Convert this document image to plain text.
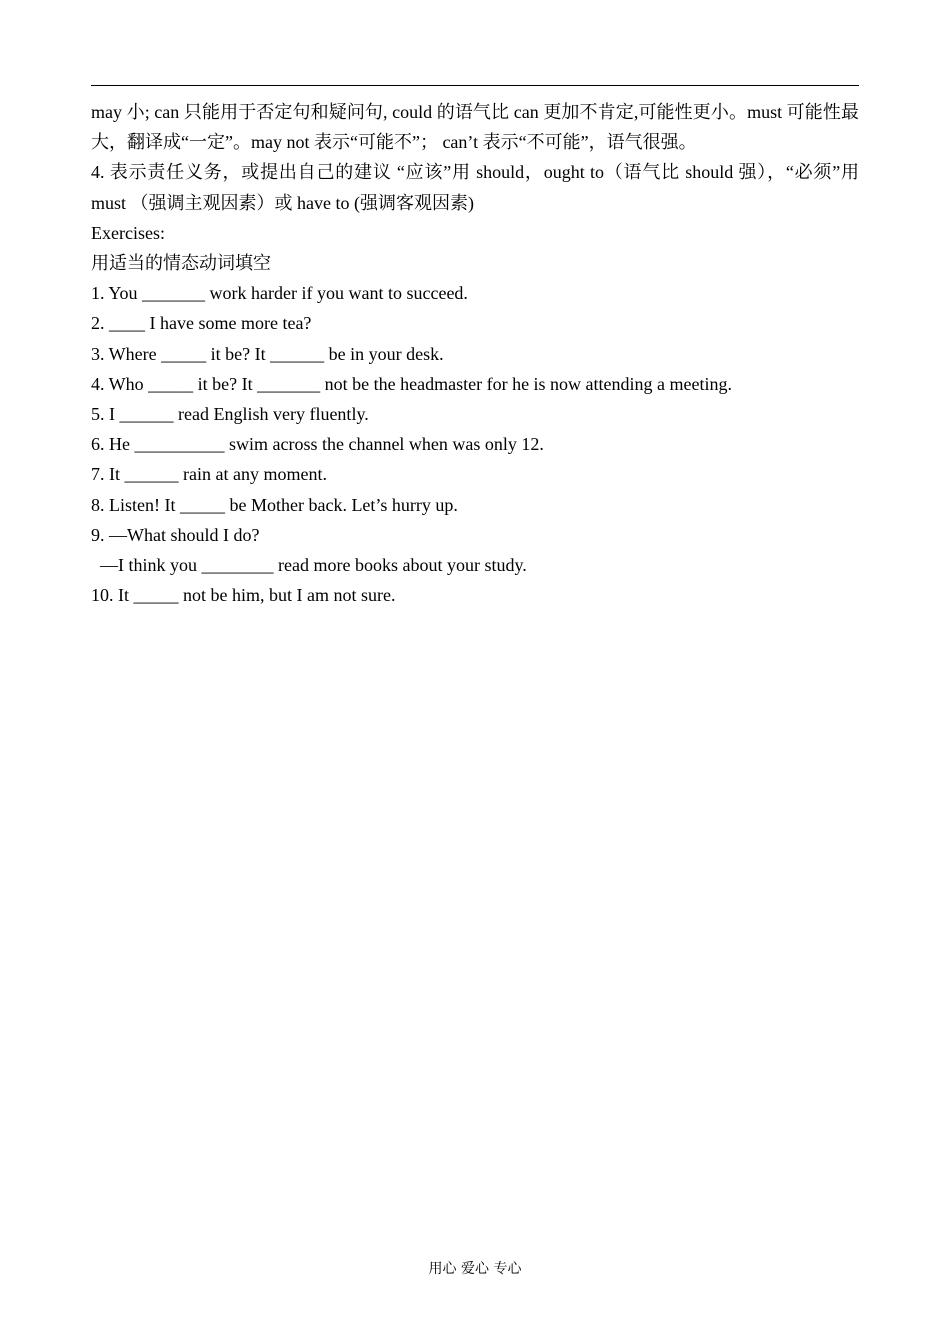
may 小; can 只能用于否定句和疑问句, could 的语气比 can 更加不肯定,可能性更小。must 可能性最大，翻译成“一定”。may not 表示“可能不”； can’t 表示“不可能”，语气很强。

4. 表示责任义务，或提出自己的建议 “应该”用 should，ought to（语气比 should 强），“必须”用 must （强调主观因素）或 have to (强调客观因素)

Exercises:

用适当的情态动词填空

1. You _______ work harder if you want to succeed.

2. ____ I have some more tea?

3. Where _____ it be? It ______ be in your desk.

4. Who _____ it be? It _______ not be the headmaster for he is now attending a meeting.

5. I ______ read English very fluently.

6. He __________ swim across the channel when was only 12.

7. It ______ rain at any moment.

8. Listen! It _____ be Mother back. Let’s hurry up.

9. —What should I do?

—I think you ________ read more books about your study.

10. It _____ not be him, but I am not sure.

用心 爱心 专心
